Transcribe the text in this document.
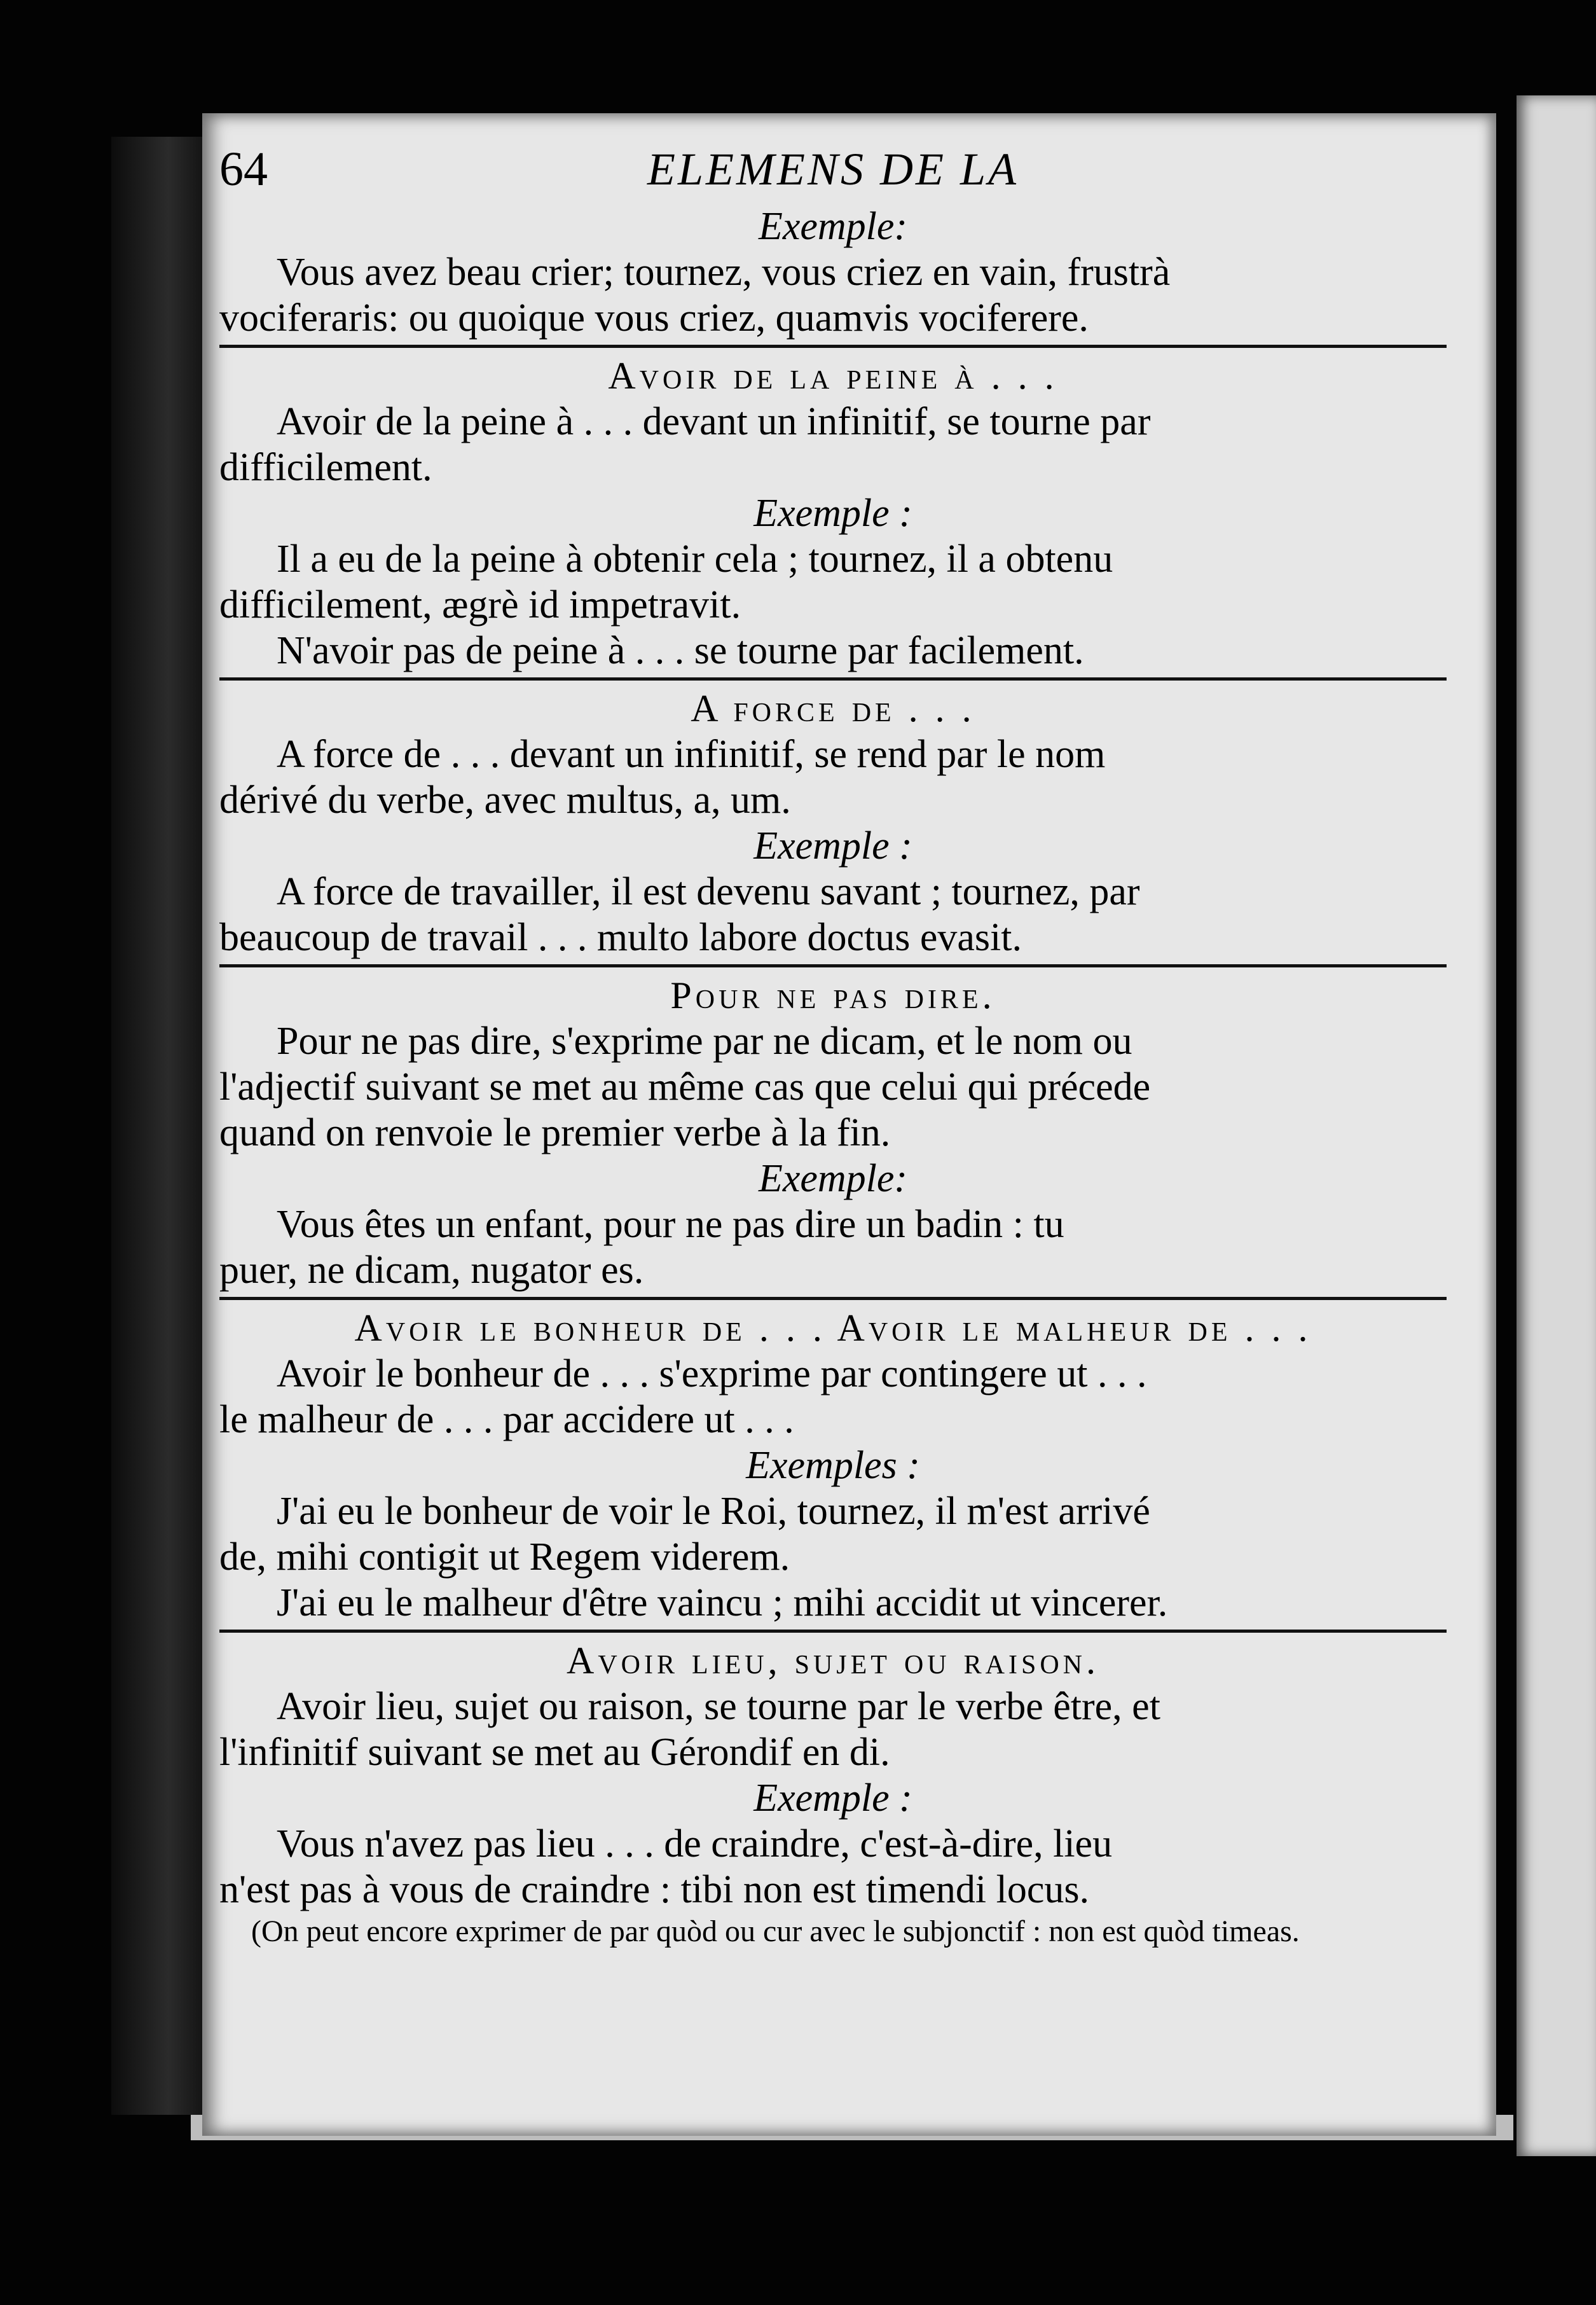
64	ELEMENS DE LA
Exemple:

Vous avez beau crier; tournez, vous criez en vain, frustrà

vociferaris: ou quoique vous criez, quamvis vociferere.

Avoir de la peine à . . .

Avoir de la peine à . . . devant un infinitif, se tourne par

difficilement.

Exemple :

Il a eu de la peine à obtenir cela ; tournez, il a obtenu

difficilement, ægrè id impetravit.

N'avoir pas de peine à . . . se tourne par facilement.

A force de . . .

A force de . . . devant un infinitif, se rend par le nom

dérivé du verbe, avec multus, a, um.

Exemple :

A force de travailler, il est devenu savant ; tournez, par

beaucoup de travail . . . multo labore doctus evasit.

Pour ne pas dire.

Pour ne pas dire, s'exprime par ne dicam, et le nom ou

l'adjectif suivant se met au même cas que celui qui précede

quand on renvoie le premier verbe à la fin.

Exemple:

Vous êtes un enfant, pour ne pas dire un badin : tu

puer, ne dicam, nugator es.

Avoir le bonheur de . . . Avoir le malheur de . . .

Avoir le bonheur de . . . s'exprime par contingere ut . . .

le malheur de . . . par accidere ut . . .

Exemples :

J'ai eu le bonheur de voir le Roi, tournez, il m'est arrivé

de, mihi contigit ut Regem viderem.

J'ai eu le malheur d'être vaincu ; mihi accidit ut vincerer.

Avoir lieu, sujet ou raison.

Avoir lieu, sujet ou raison, se tourne par le verbe être, et

l'infinitif suivant se met au Gérondif en di.

Exemple :

Vous n'avez pas lieu . . . de craindre, c'est-à-dire, lieu

n'est pas à vous de craindre : tibi non est timendi locus.

(On peut encore exprimer de par quòd ou cur avec le subjonctif : non est quòd timeas.
